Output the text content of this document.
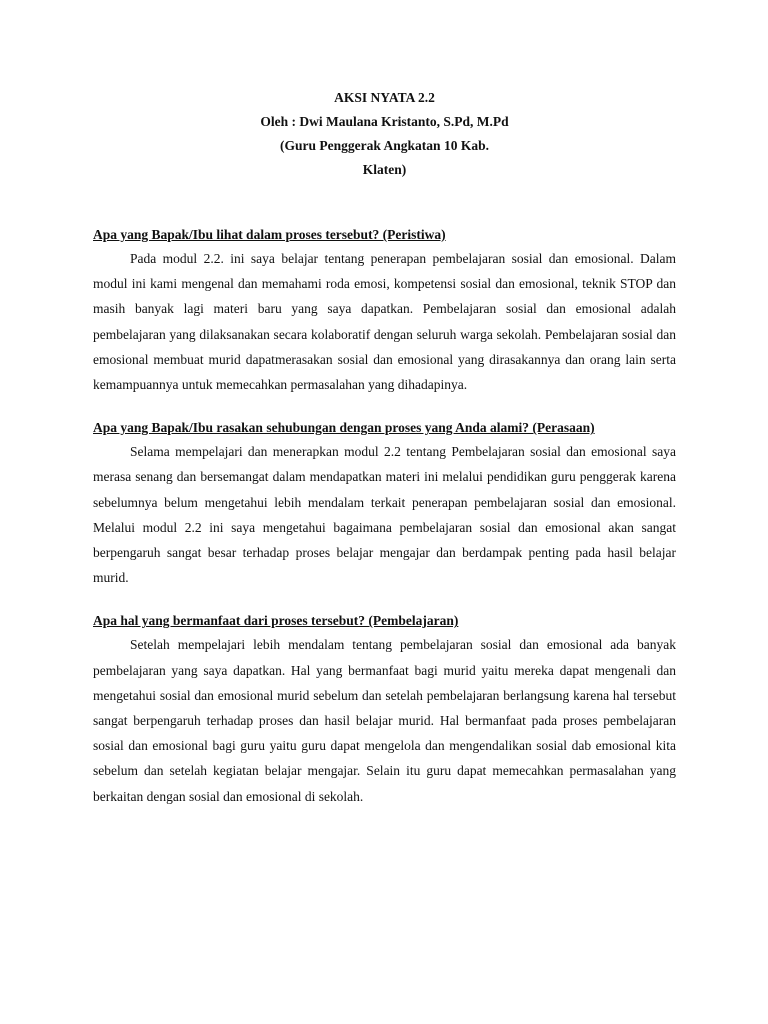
AKSI NYATA 2.2
Oleh : Dwi Maulana Kristanto, S.Pd, M.Pd
(Guru Penggerak Angkatan 10 Kab.
Klaten)
Apa yang Bapak/Ibu lihat dalam proses tersebut? (Peristiwa)

Pada modul 2.2. ini saya belajar tentang penerapan pembelajaran sosial dan emosional. Dalam modul ini kami mengenal dan memahami roda emosi, kompetensi sosial dan emosional, teknik STOP dan masih banyak lagi materi baru yang saya dapatkan. Pembelajaran sosial dan emosional adalah pembelajaran yang dilaksanakan secara kolaboratif dengan seluruh warga sekolah. Pembelajaran sosial dan emosional membuat murid dapatmerasakan sosial dan emosional yang dirasakannya dan orang lain serta kemampuannya untuk memecahkan permasalahan yang dihadapinya.

Apa yang Bapak/Ibu rasakan sehubungan dengan proses yang Anda alami? (Perasaan)

Selama mempelajari dan menerapkan modul 2.2 tentang Pembelajaran sosial dan emosional saya merasa senang dan bersemangat dalam mendapatkan materi ini melalui pendidikan guru penggerak karena sebelumnya belum mengetahui lebih mendalam terkait penerapan pembelajaran sosial dan emosional. Melalui modul 2.2 ini saya mengetahui bagaimana pembelajaran sosial dan emosional akan sangat berpengaruh sangat besar terhadap proses belajar mengajar dan berdampak penting pada hasil belajar murid.

Apa hal yang bermanfaat dari proses tersebut? (Pembelajaran)

Setelah mempelajari lebih mendalam tentang pembelajaran sosial dan emosional ada banyak pembelajaran yang saya dapatkan. Hal yang bermanfaat bagi murid yaitu mereka dapat mengenali dan mengetahui sosial dan emosional murid sebelum dan setelah pembelajaran berlangsung karena hal tersebut sangat berpengaruh terhadap proses dan hasil belajar murid. Hal bermanfaat pada proses pembelajaran sosial dan emosional bagi guru yaitu guru dapat mengelola dan mengendalikan sosial dab emosional kita sebelum dan setelah kegiatan belajar mengajar. Selain itu guru dapat memecahkan permasalahan yang berkaitan dengan sosial dan emosional di sekolah.
